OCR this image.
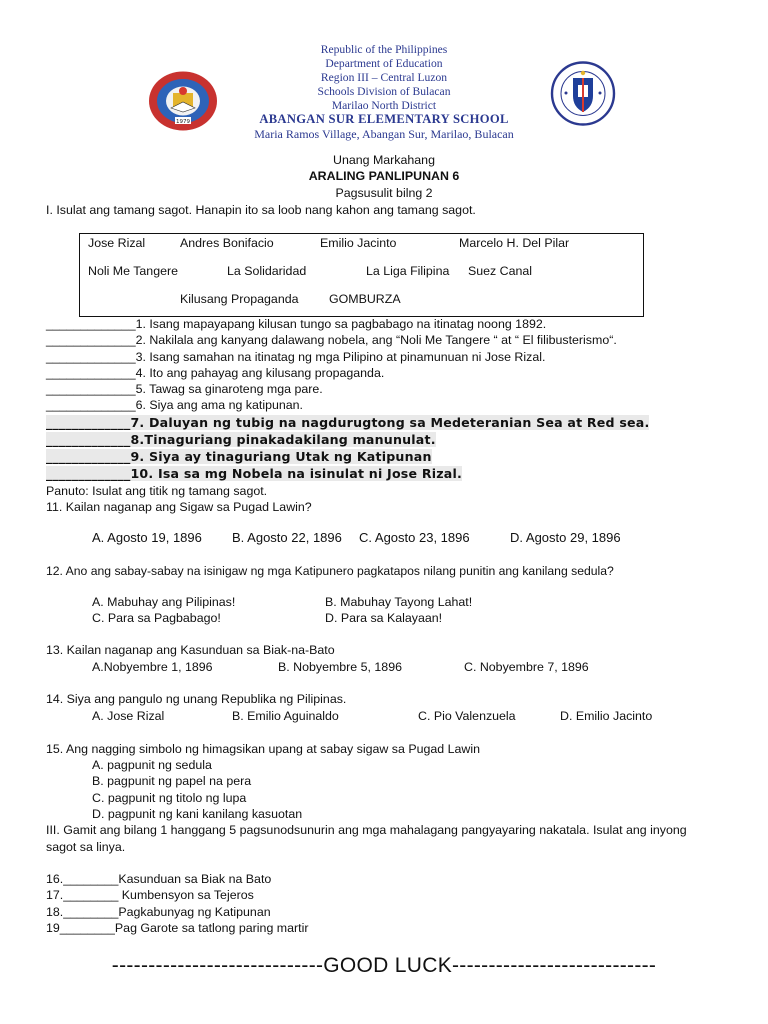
1979
Republic of the Philippines
Department of Education
Region III – Central Luzon
Schools Division of Bulacan
Marilao North District
ABANGAN SUR ELEMENTARY SCHOOL
Maria Ramos Village, Abangan Sur, Marilao, Bulacan
Unang Markahang
ARALING PANLIPUNAN 6
Pagsusulit bilng 2
I. Isulat ang tamang sagot. Hanapin ito sa loob nang kahon ang tamang sagot.
Jose Rizal	Andres Bonifacio	Emilio Jacinto	Marcelo H. Del Pilar
Noli Me Tangere	La Solidaridad	La Liga Filipina Suez Canal
Kilusang Propaganda GOMBURZA
_____________1. Isang mapayapang kilusan tungo sa pagbabago na itinatag noong 1892.
_____________2. Nakilala ang kanyang dalawang nobela, ang “Noli Me Tangere “ at “ El filibusterismo“.
_____________3. Isang samahan na itinatag ng mga Pilipino at pinamunuan ni Jose Rizal.
_____________4. Ito ang pahayag ang kilusang propaganda.
_____________5. Tawag sa ginaroteng mga pare.
_____________6. Siya ang ama ng katipunan.
_____________7. Daluyan ng tubig na nagdurugtong sa Medeteranian Sea at Red sea.
_____________8.Tinaguriang pinakadakilang manunulat.
_____________9. Siya ay tinaguriang Utak ng Katipunan
_____________10. Isa sa mg Nobela na isinulat ni Jose Rizal.
Panuto: Isulat ang titik ng tamang sagot.
11. Kailan naganap ang Sigaw sa Pugad Lawin?
A. Agosto 19, 1896 B. Agosto 22, 1896 C. Agosto 23, 1896	D. Agosto 29, 1896
12. Ano ang sabay-sabay na isinigaw ng mga Katipunero pagkatapos nilang punitin ang kanilang sedula?
A. Mabuhay ang Pilipinas!	B. Mabuhay Tayong Lahat!
C. Para sa Pagbabago!	D. Para sa Kalayaan!
13. Kailan naganap ang Kasunduan sa Biak-na-Bato
A.Nobyembre 1, 1896	B. Nobyembre 5, 1896	C. Nobyembre 7, 1896
14. Siya ang pangulo ng unang Republika ng Pilipinas.
A. Jose Rizal	B. Emilio Aguinaldo	C. Pio Valenzuela	D. Emilio Jacinto
15. Ang nagging simbolo ng himagsikan upang at sabay sigaw sa Pugad Lawin
A. pagpunit ng sedula
B. pagpunit ng papel na pera
C. pagpunit ng titolo ng lupa
D. pagpunit ng kani kanilang kasuotan
III. Gamit ang bilang 1 hanggang 5 pagsunodsunurin ang mga mahalagang pangyayaring nakatala. Isulat ang inyong
sagot sa linya.
16.________Kasunduan sa Biak na Bato
17.________ Kumbensyon sa Tejeros
18.________Pagkabunyag ng Katipunan
19________Pag Garote sa tatlong paring martir
-----------------------------GOOD LUCK----------------------------
